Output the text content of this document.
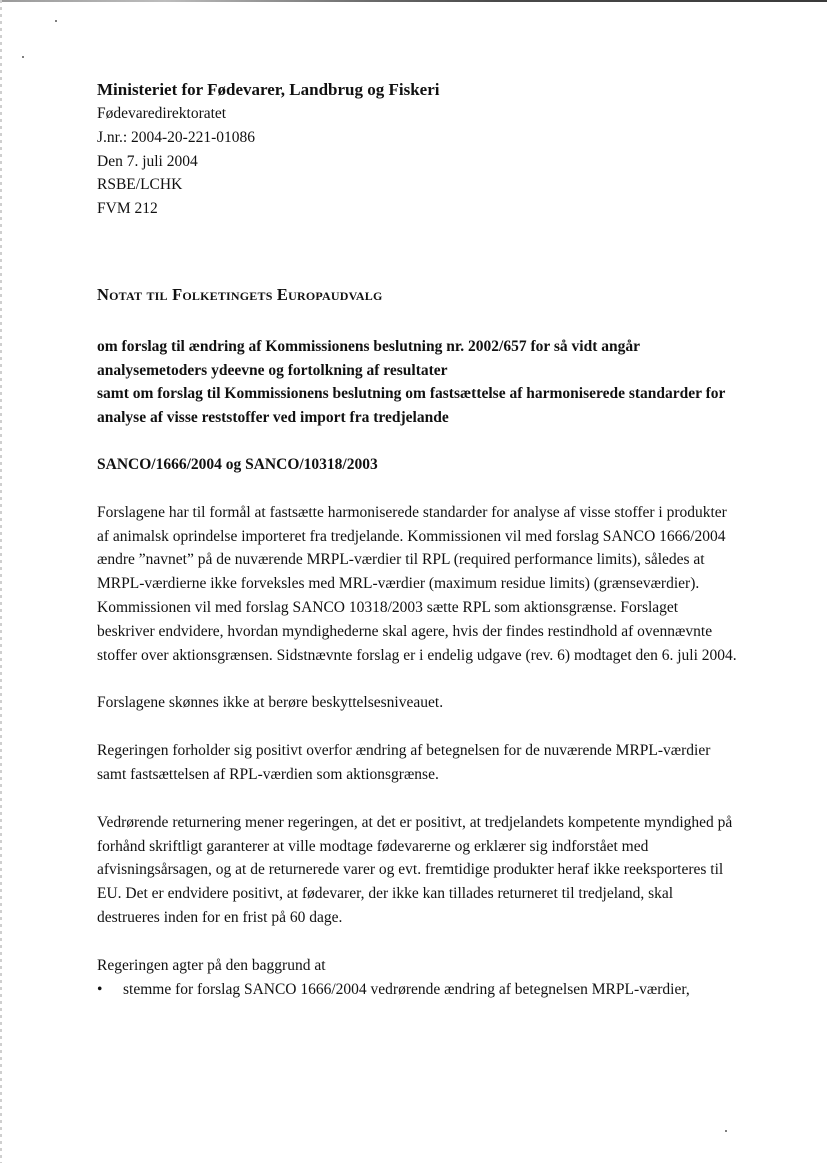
Ministeriet for Fødevarer, Landbrug og Fiskeri

Fødevaredirektoratet

J.nr.: 2004-20-221-01086

Den 7. juli 2004

RSBE/LCHK

FVM 212

Notat til Folketingets Europaudvalg

om forslag til ændring af Kommissionens beslutning nr. 2002/657 for så vidt angår analysemetoders ydeevne og fortolkning af resultater

samt om forslag til Kommissionens beslutning om fastsættelse af harmoniserede standarder for analyse af visse reststoffer ved import fra tredjelande

SANCO/1666/2004 og SANCO/10318/2003

Forslagene har til formål at fastsætte harmoniserede standarder for analyse af visse stoffer i produkter af animalsk oprindelse importeret fra tredjelande. Kommissionen vil med forslag SANCO 1666/2004 ændre ”navnet” på de nuværende MRPL-værdier til RPL (required performance limits), således at MRPL-værdierne ikke forveksles med MRL-værdier (maximum residue limits) (grænseværdier). Kommissionen vil med forslag SANCO 10318/2003 sætte RPL som aktionsgrænse. Forslaget beskriver endvidere, hvordan myndighederne skal agere, hvis der findes restindhold af ovennævnte stoffer over aktionsgrænsen. Sidstnævnte forslag er i endelig udgave (rev. 6) modtaget den 6. juli 2004.

Forslagene skønnes ikke at berøre beskyttelsesniveauet.

Regeringen forholder sig positivt overfor ændring af betegnelsen for de nuværende MRPL-værdier samt fastsættelsen af RPL-værdien som aktionsgrænse.

Vedrørende returnering mener regeringen, at det er positivt, at tredjelandets kompetente myndighed på forhånd skriftligt garanterer at ville modtage fødevarerne og erklærer sig indforstået med afvisningsårsagen, og at de returnerede varer og evt. fremtidige produkter heraf ikke reeksporteres til EU. Det er endvidere positivt, at fødevarer, der ikke kan tillades returneret til tredjeland, skal destrueres inden for en frist på 60 dage.

Regeringen agter på den baggrund at

• stemme for forslag SANCO 1666/2004 vedrørende ændring af betegnelsen MRPL-værdier,
